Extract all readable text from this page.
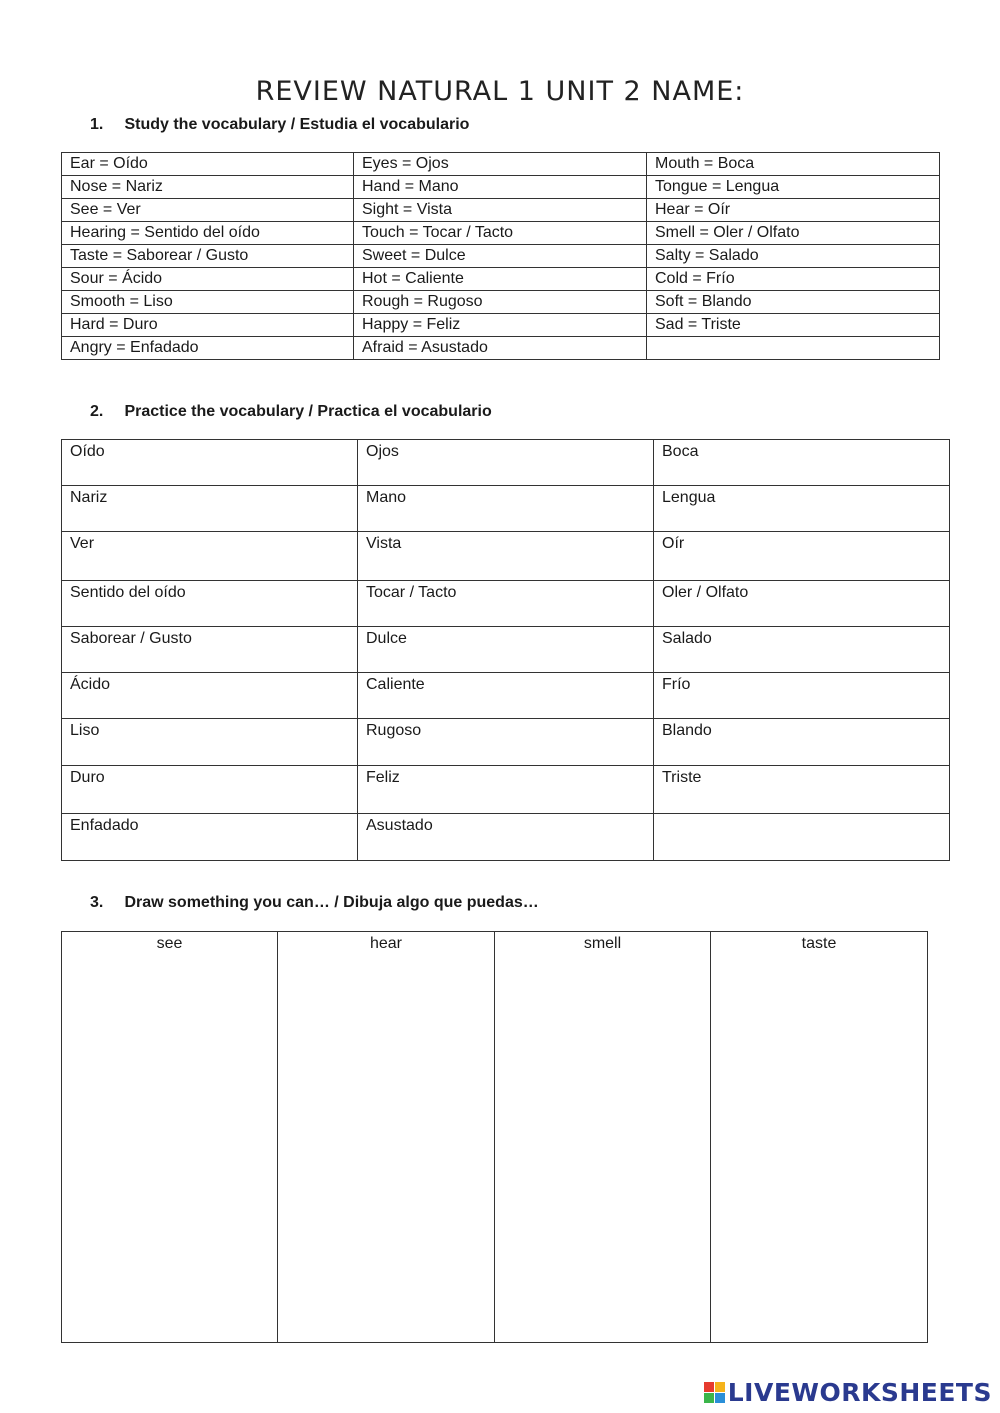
REVIEW NATURAL 1 UNIT 2 NAME:
1. Study the vocabulary / Estudia el vocabulario
Ear = Oído	Eyes = Ojos	Mouth = Boca
Nose = Nariz	Hand = Mano	Tongue = Lengua
See = Ver	Sight = Vista	Hear = Oír
Hearing = Sentido del oído	Touch = Tocar / Tacto	Smell = Oler / Olfato
Taste = Saborear / Gusto	Sweet = Dulce	Salty = Salado
Sour = Ácido	Hot = Caliente	Cold = Frío
Smooth = Liso	Rough = Rugoso	Soft = Blando
Hard = Duro	Happy = Feliz	Sad = Triste
Angry = Enfadado	Afraid = Asustado	
2. Practice the vocabulary / Practica el vocabulario
Oído	Ojos	Boca
Nariz	Mano	Lengua
Ver	Vista	Oír
Sentido del oído	Tocar / Tacto	Oler / Olfato
Saborear / Gusto	Dulce	Salado
Ácido	Caliente	Frío
Liso	Rugoso	Blando
Duro	Feliz	Triste
Enfadado	Asustado	
3. Draw something you can… / Dibuja algo que puedas…
see	hear	smell	taste
LIVEWORKSHEETS
